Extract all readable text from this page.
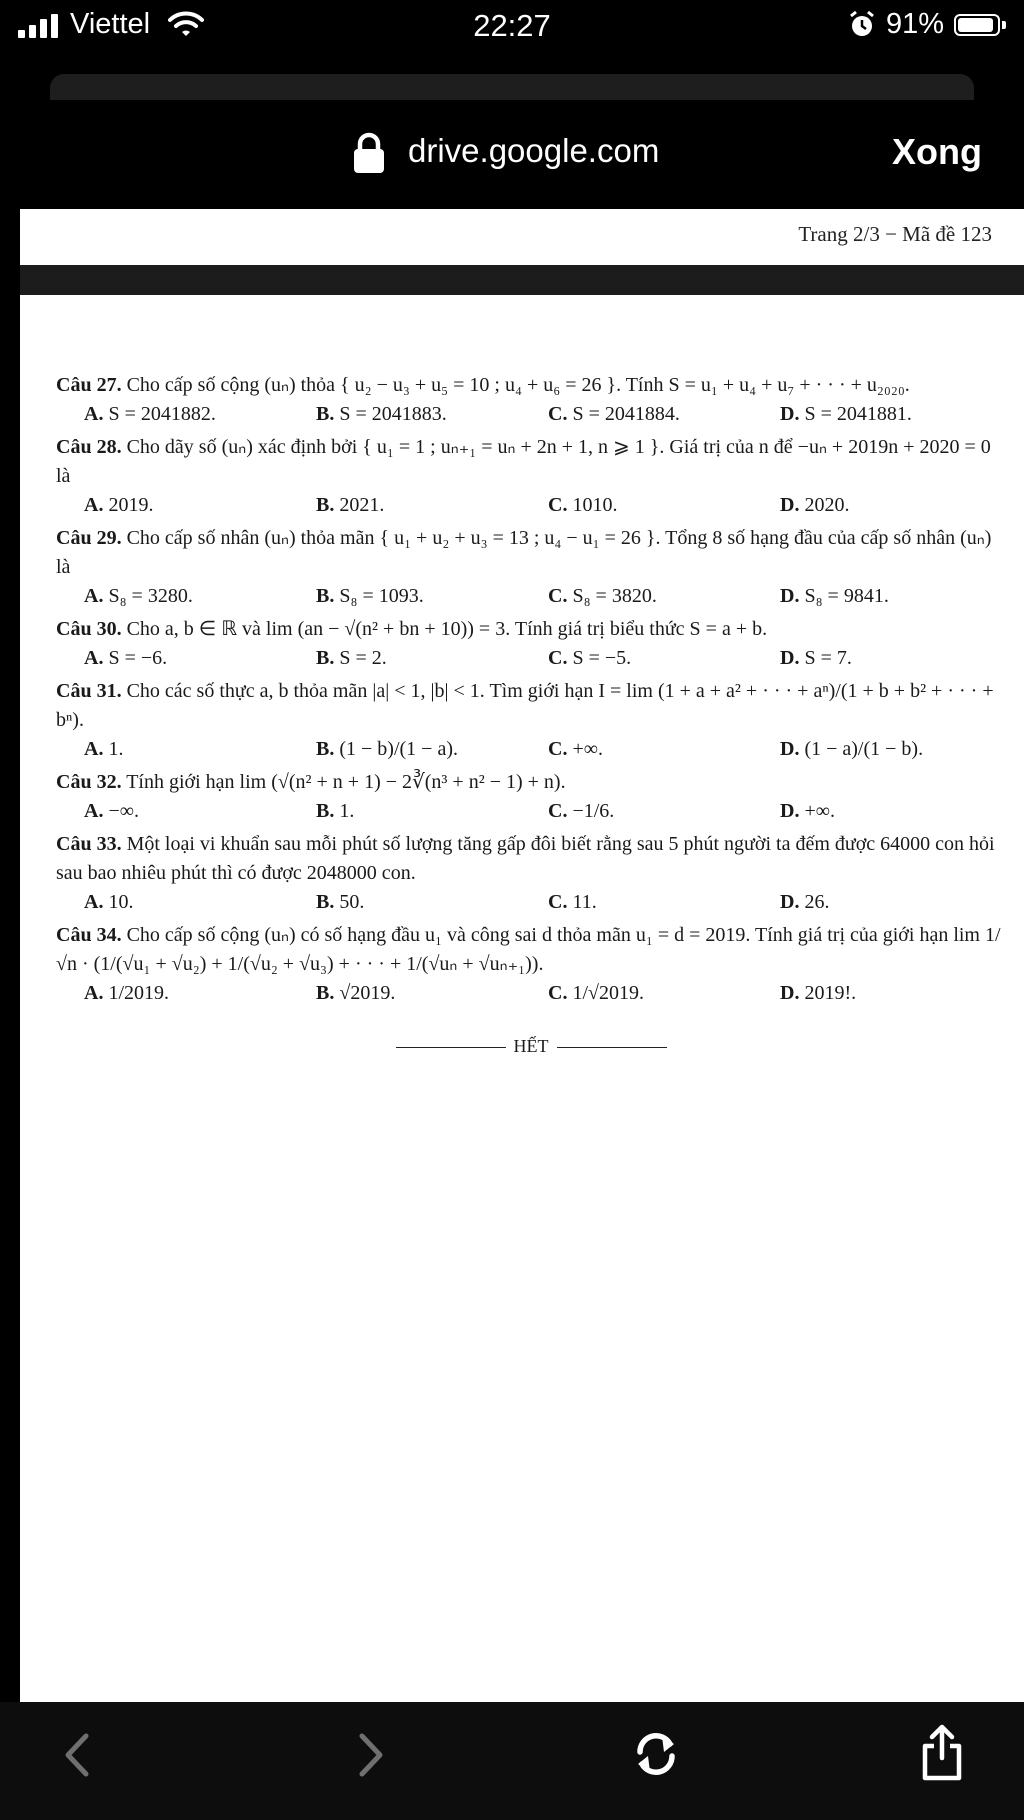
Viettel	22:27	91%
drive.google.com	Xong
Trang 2/3 − Mã đề 123

Câu 27. Cho cấp số cộng (uₙ) thỏa { u₂ − u₃ + u₅ = 10 ; u₄ + u₆ = 26 }. Tính S = u₁ + u₄ + u₇ + · · · + u₂₀₂₀.

A. S = 2041882.	B. S = 2041883.	C. S = 2041884.	D. S = 2041881.

Câu 28. Cho dãy số (uₙ) xác định bởi { u₁ = 1 ; uₙ₊₁ = uₙ + 2n + 1, n ⩾ 1 }. Giá trị của n để −uₙ + 2019n + 2020 = 0 là

A. 2019.	B. 2021.	C. 1010.	D. 2020.

Câu 29. Cho cấp số nhân (uₙ) thỏa mãn { u₁ + u₂ + u₃ = 13 ; u₄ − u₁ = 26 }. Tổng 8 số hạng đầu của cấp số nhân (uₙ) là

A. S₈ = 3280.	B. S₈ = 1093.	C. S₈ = 3820.	D. S₈ = 9841.

Câu 30. Cho a, b ∈ ℝ và lim (an − √(n² + bn + 10)) = 3. Tính giá trị biểu thức S = a + b.

A. S = −6.	B. S = 2.	C. S = −5.	D. S = 7.

Câu 31. Cho các số thực a, b thỏa mãn |a| < 1, |b| < 1. Tìm giới hạn I = lim (1 + a + a² + · · · + aⁿ)/(1 + b + b² + · · · + bⁿ).

A. 1.	B. (1 − b)/(1 − a).	C. +∞.	D. (1 − a)/(1 − b).

Câu 32. Tính giới hạn lim (√(n² + n + 1) − 2∛(n³ + n² − 1) + n).

A. −∞.	B. 1.	C. −1/6.	D. +∞.

Câu 33. Một loại vi khuẩn sau mỗi phút số lượng tăng gấp đôi biết rằng sau 5 phút người ta đếm được 64000 con hỏi sau bao nhiêu phút thì có được 2048000 con.

A. 10.	B. 50.	C. 11.	D. 26.

Câu 34. Cho cấp số cộng (uₙ) có số hạng đầu u₁ và công sai d thỏa mãn u₁ = d = 2019. Tính giá trị của giới hạn lim 1/√n · (1/(√u₁ + √u₂) + 1/(√u₂ + √u₃) + · · · + 1/(√uₙ + √uₙ₊₁)).

A. 1/2019.	B. √2019.	C. 1/√2019.	D. 2019!.
HẾT
